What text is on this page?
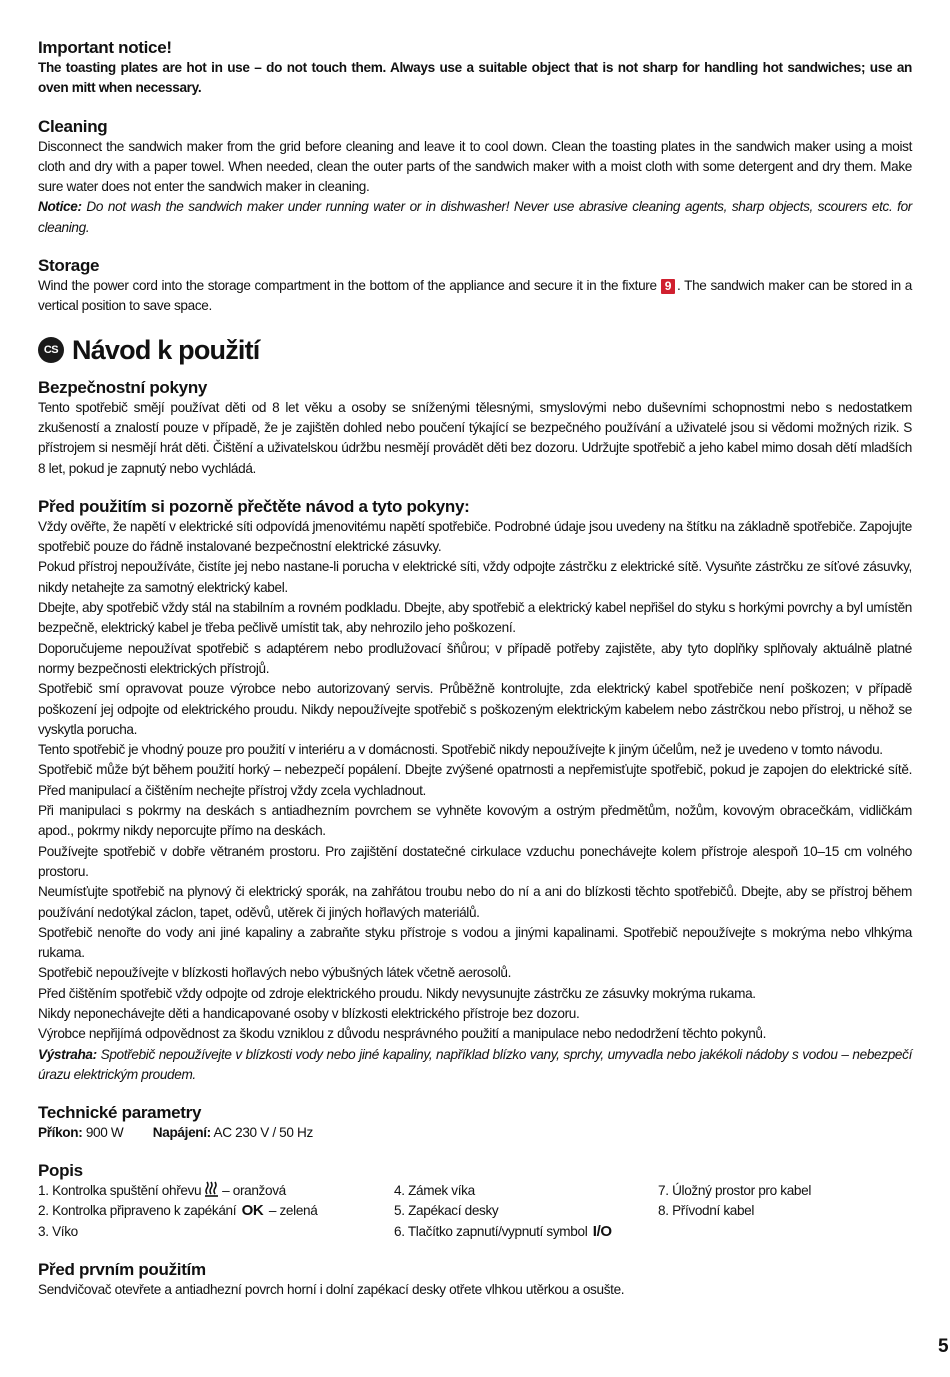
Important notice!

The toasting plates are hot in use – do not touch them. Always use a suitable object that is not sharp for handling hot sandwiches; use an oven mitt when necessary.

Cleaning

Disconnect the sandwich maker from the grid before cleaning and leave it to cool down. Clean the toasting plates in the sandwich maker using a moist cloth and dry with a paper towel. When needed, clean the outer parts of the sandwich maker with a moist cloth with some detergent and dry them. Make sure water does not enter the sandwich maker in cleaning.

Notice: Do not wash the sandwich maker under running water or in dishwasher! Never use abrasive cleaning agents, sharp objects, scourers etc. for cleaning.

Storage

Wind the power cord into the storage compartment in the bottom of the appliance and secure it in the fixture 9 . The sandwich maker can be stored in a vertical position to save space.

CS Návod k použití
Bezpečnostní pokyny

Tento spotřebič smějí používat děti od 8 let věku a osoby se sníženými tělesnými, smyslovými nebo duševními schopnostmi nebo s nedostatkem zkušeností a znalostí pouze v případě, že je zajištěn dohled nebo poučení týkající se bezpečného používání a uživatelé jsou si vědomi možných rizik. S přístrojem si nesmějí hrát děti. Čištění a uživatelskou údržbu nesmějí provádět děti bez dozoru. Udržujte spotřebič a jeho kabel mimo dosah dětí mladších 8 let, pokud je zapnutý nebo vychládá.

Před použitím si pozorně přečtěte návod a tyto pokyny:

Vždy ověřte, že napětí v elektrické síti odpovídá jmenovitému napětí spotřebiče. Podrobné údaje jsou uvedeny na štítku na základně spotřebiče. Zapojujte spotřebič pouze do řádně instalované bezpečnostní elektrické zásuvky.

Pokud přístroj nepoužíváte, čistíte jej nebo nastane-li porucha v elektrické síti, vždy odpojte zástrčku z elektrické sítě. Vysuňte zástrčku ze síťové zásuvky, nikdy netahejte za samotný elektrický kabel.

Dbejte, aby spotřebič vždy stál na stabilním a rovném podkladu. Dbejte, aby spotřebič a elektrický kabel nepřišel do styku s horkými povrchy a byl umístěn bezpečně, elektrický kabel je třeba pečlivě umístit tak, aby nehrozilo jeho poškození.

Doporučujeme nepoužívat spotřebič s adaptérem nebo prodlužovací šňůrou; v případě potřeby zajistěte, aby tyto doplňky splňovaly aktuálně platné normy bezpečnosti elektrických přístrojů.

Spotřebič smí opravovat pouze výrobce nebo autorizovaný servis. Průběžně kontrolujte, zda elektrický kabel spotřebiče není poškozen; v případě poškození jej odpojte od elektrického proudu. Nikdy nepoužívejte spotřebič s poškozeným elektrickým kabelem nebo zástrčkou nebo přístroj, u něhož se vyskytla porucha.

Tento spotřebič je vhodný pouze pro použití v interiéru a v domácnosti. Spotřebič nikdy nepoužívejte k jiným účelům, než je uvedeno v tomto návodu.

Spotřebič může být během použití horký – nebezpečí popálení. Dbejte zvýšené opatrnosti a nepřemisťujte spotřebič, pokud je zapojen do elektrické sítě. Před manipulací a čištěním nechejte přístroj vždy zcela vychladnout.

Při manipulaci s pokrmy na deskách s antiadhezním povrchem se vyhněte kovovým a ostrým předmětům, nožům, kovovým obracečkám, vidličkám apod., pokrmy nikdy neporcujte přímo na deskách.

Používejte spotřebič v dobře větraném prostoru. Pro zajištění dostatečné cirkulace vzduchu ponechávejte kolem přístroje alespoň 10–15 cm volného prostoru.

Neumísťujte spotřebič na plynový či elektrický sporák, na zahřátou troubu nebo do ní a ani do blízkosti těchto spotřebičů. Dbejte, aby se přístroj během používání nedotýkal záclon, tapet, oděvů, utěrek či jiných hořlavých materiálů.

Spotřebič nenořte do vody ani jiné kapaliny a zabraňte styku přístroje s vodou a jinými kapalinami. Spotřebič nepoužívejte s mokrýma nebo vlhkýma rukama.

Spotřebič nepoužívejte v blízkosti hořlavých nebo výbušných látek včetně aerosolů.

Před čištěním spotřebič vždy odpojte od zdroje elektrického proudu. Nikdy nevysunujte zástrčku ze zásuvky mokrýma rukama.

Nikdy neponechávejte děti a handicapované osoby v blízkosti elektrického přístroje bez dozoru.

Výrobce nepřijímá odpovědnost za škodu vzniklou z důvodu nesprávného použití a manipulace nebo nedodržení těchto pokynů.

Výstraha: Spotřebič nepoužívejte v blízkosti vody nebo jiné kapaliny, například blízko vany, sprchy, umyvadla nebo jakékoli nádoby s vodou – nebezpečí úrazu elektrickým proudem.

Technické parametry
Příkon: 900 W Napájení: AC 230 V / 50 Hz
Popis
1. Kontrolka spuštění ohřevu  – oranžová
2. Kontrolka připraveno k zapékání OK – zelená
3. Víko
4. Zámek víka
5. Zapékací desky
6. Tlačítko zapnutí/vypnutí symbol I/O
7. Úložný prostor pro kabel
8. Přívodní kabel
Před prvním použitím

Sendvičovač otevřete a antiadhezní povrch horní i dolní zapékací desky otřete vlhkou utěrkou a osušte.

5
